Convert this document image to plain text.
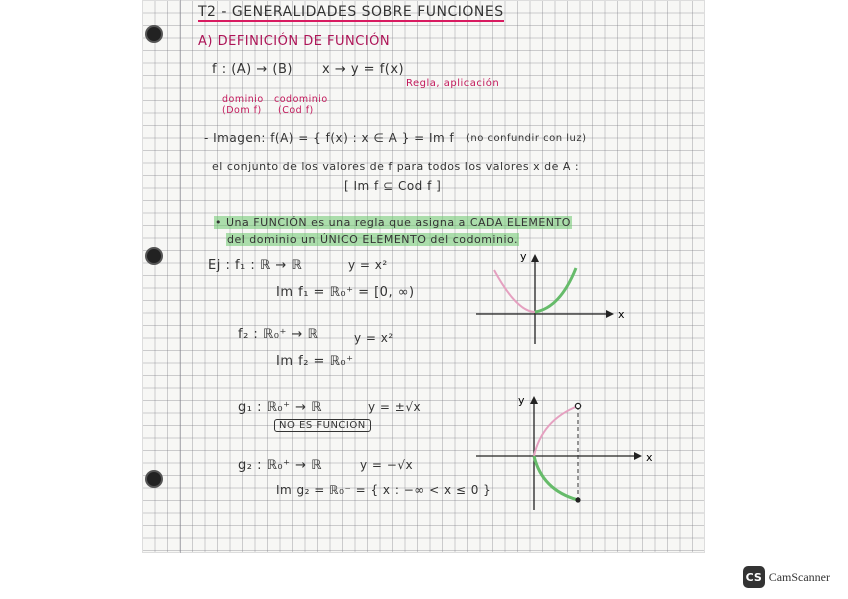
T2 - GENERALIDADES SOBRE FUNCIONES
A) DEFINICIÓN DE FUNCIÓN
f : (A) → (B) x → y = f(x)
Regla, aplicación
dominio
(Dom f)
codominio
(Cod f)
- Imagen: f(A) = { f(x) : x ∈ A } = Im f (no confundir con luz)
el conjunto de los valores de f para todos los valores x de A :
[ Im f ⊆ Cod f ]
• Una FUNCIÓN es una regla que asigna a CADA ELEMENTO
del dominio un ÚNICO ELEMENTO del codominio.
Ej : f₁ : ℝ → ℝ	y = x²
Im f₁ = ℝ₀⁺ = [0, ∞)
f₂ : ℝ₀⁺ → ℝ	y = x²
Im f₂ = ℝ₀⁺
g₁ : ℝ₀⁺ → ℝ	y = ±√x
NO ES FUNCIÓN
g₂ : ℝ₀⁺ → ℝ	y = −√x
Im g₂ = ℝ₀⁻ = { x : −∞ < x ≤ 0 }
x
y
x
y
CS CamScanner
